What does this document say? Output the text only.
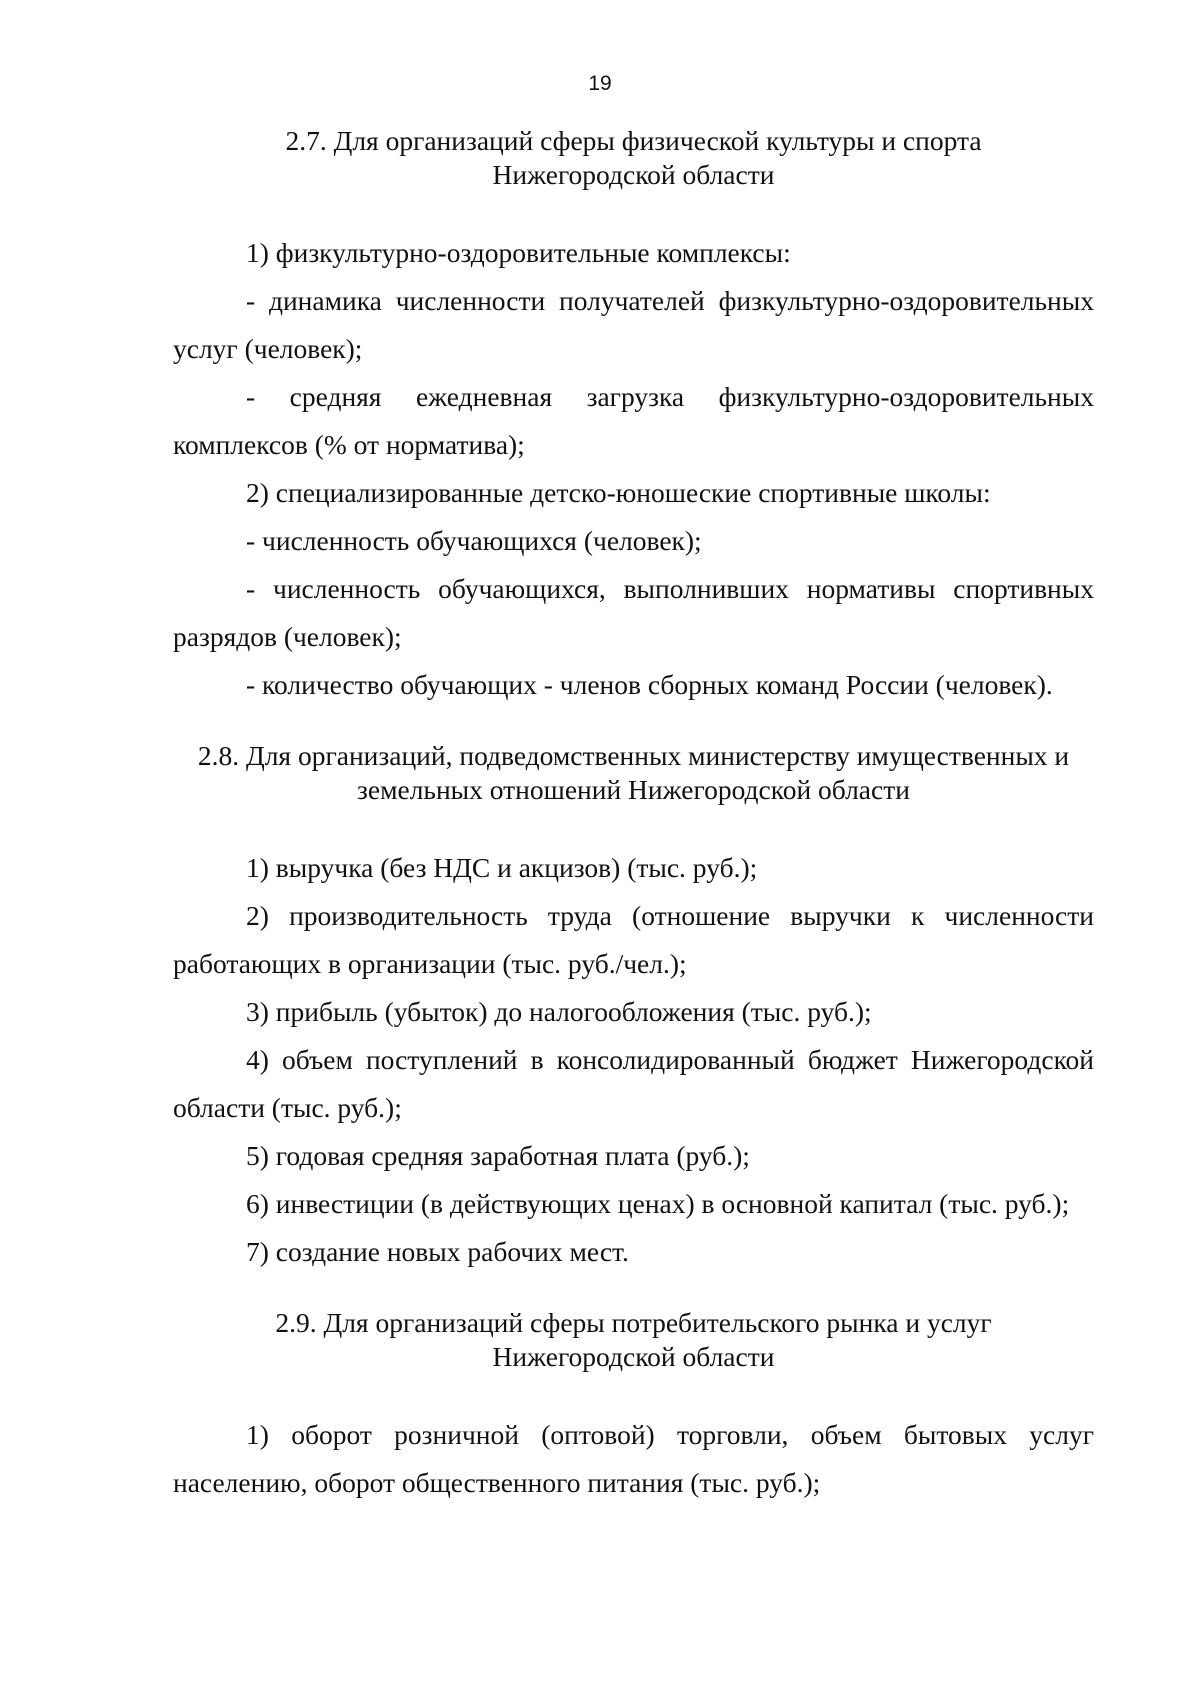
19
2.7. Для организаций сферы физической культуры и спорта
Нижегородской области

1) физкультурно-оздоровительные комплексы:

- динамика численности получателей физкультурно-оздоровительных услуг (человек);

- средняя ежедневная загрузка физкультурно-оздоровительных комплексов (% от норматива);

2) специализированные детско-юношеские спортивные школы:

- численность обучающихся (человек);

- численность обучающихся, выполнивших нормативы спортивных разрядов (человек);

- количество обучающих - членов сборных команд России (человек).

2.8. Для организаций, подведомственных министерству имущественных и
земельных отношений Нижегородской области

1) выручка (без НДС и акцизов) (тыс. руб.);

2) производительность труда (отношение выручки к численности работающих в организации (тыс. руб./чел.);

3) прибыль (убыток) до налогообложения (тыс. руб.);

4) объем поступлений в консолидированный бюджет Нижегородской области (тыс. руб.);

5) годовая средняя заработная плата (руб.);

6) инвестиции (в действующих ценах) в основной капитал (тыс. руб.);

7) создание новых рабочих мест.

2.9. Для организаций сферы потребительского рынка и услуг
Нижегородской области

1) оборот розничной (оптовой) торговли, объем бытовых услуг населению, оборот общественного питания (тыс. руб.);
